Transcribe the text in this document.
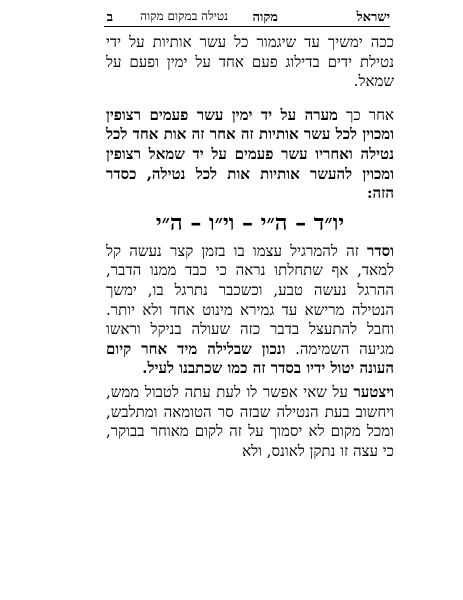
ישראל
מקוה
נטילה במקום מקוה
ב

ככה ימשיך עד שיגמור כל עשר אותיות על ידי נטילת ידים בדילוג פעם אחד על ימין ופעם על שמאל.

אחר כך מערה על יד ימין עשר פעמים רצופין ומכוין לכל עשר אותיות זה אחר זה אות אחד לכל נטילה ואחריו עשר פעמים על יד שמאל רצופין ומכוין להעשר אותיות אות לכל נטילה, כסדר הזה:

יו״ד – ה״י – וי״ו – ה״י

וסדר זה להמרגיל עצמו בו בזמן קצר נעשה קל למאד, אף שתחלתו נראה כי כבד ממנו הדבר, ההרגל נעשה טבע, וכשכבר נתרגל בו, ימשך הנטילה מרישא עד גמירא מינוט אחד ולא יותר. וחבל להתעצל בדבר כזה שעולה בניקל וראשו מגיעה השמימה. ונכון שבלילה מיד אחר קיום העונה יטול ידיו בסדר זה כמו שכתבנו לעיל.

ויצטער על שאי אפשר לו לעת עתה לטבול ממש, ויחשוב בעת הנטילה שבזה סר הטומאה ומתלבש, ומכל מקום לא יסמוך על זה לקום מאוחר בבוקר, כי עצה זו נתקן לאונס, ולא
